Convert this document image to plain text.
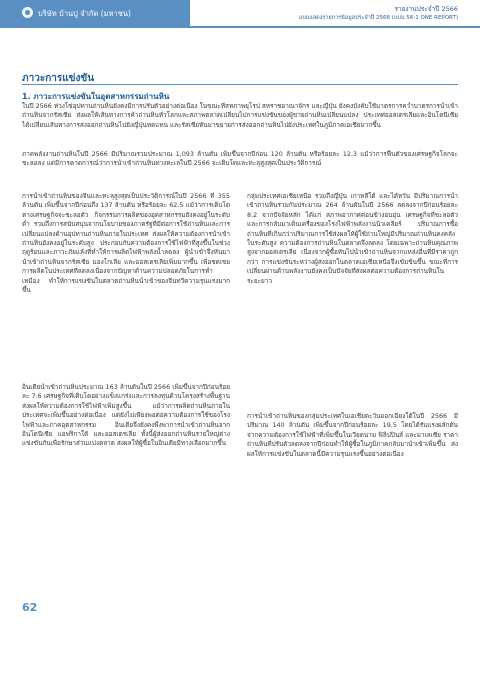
บริษัท บ้านปู จำกัด (มหาชน)	รายงานประจำปี 2566
แบบแสดงรายการข้อมูลประจำปี 2566 (แบบ 56-1 ONE REPORT)
ภาวะการแข่งขัน
1. ภาวะการแข่งขันในอุตสาหกรรมถ่านหิน

ในปี 2566 ห่วงโซ่อุปทานถ่านหินยังคงมีการปรับตัวอย่างต่อเนื่อง ในขณะที่สหภาพยุโรป สหราชอาณาจักร และญี่ปุ่น ยังคงบังคับใช้มาตรการคว่ำบาตรการนำเข้าถ่านหินจากรัสเซีย ส่งผลให้เส้นทางการค้าถ่านหินทั่วโลกและสภาพตลาดเปลี่ยนไปการแข่งขันของผู้ขายถ่านหินเปลี่ยนแปลง ประเทศออสเตรเลียและอินโดนีเซียได้เปลี่ยนเส้นทางการส่งออกถ่านหินไปยังญี่ปุ่นทดแทน และรัสเซียหันมาขยายการส่งออกถ่านหินไปยังประเทศในภูมิภาคเอเชียมากขึ้น

ภาคพลังงานถ่านหินในปี 2566 มีปริมาณรวมประมาณ 1,093 ล้านตัน เพิ่มขึ้นจากปีก่อน 120 ล้านตัน หรือร้อยละ 12.3 แม้ว่าการฟื้นตัวของเศรษฐกิจโลกจะชะลอลง แต่มีการคาดการณ์ว่าการนำเข้าถ่านหินทางทะเลในปี 2566 จะเติบโตและทะลุสูงสุดเป็นประวัติการณ์

การนำเข้าถ่านหินของจีนและทะลุสูงสุดเป็นประวัติการณ์ในปี 2566 ที่ 355 ล้านตัน เพิ่มขึ้นจากปีก่อนถึง 137 ล้านตัน หรือร้อยละ 62.5 แม้ว่าการเติบโตทางเศรษฐกิจจะชะลอตัว กิจกรรมการผลิตของอุตสาหกรรมยังคงอยู่ในระดับต่ำ รวมถึงการสนับสนุนจากนโยบายของภาครัฐที่มีต่อการใช้ถ่านหินและการเปลี่ยนแปลงด้านอุปทานถ่านหินภายในประเทศ ส่งผลให้ความต้องการนำเข้าถ่านหินยังคงอยู่ในระดับสูง ประกอบกับความต้องการใช้ไฟฟ้าที่สูงขึ้นในช่วงฤดูร้อนและภาวะภัยแล้งที่ทำให้การผลิตไฟฟ้าพลังน้ำลดลง ผู้นำเข้าจึงหันมานำเข้าถ่านหินจากรัสเซีย มองโกเลีย และออสเตรเลียเพิ่มมากขึ้น เพื่อชดเชยการผลิตในประเทศที่ลดลงเนื่องจากปัญหาด้านความปลอดภัยในการทำเหมือง ทำให้การแข่งขันในตลาดถ่านหินนำเข้าของจีนทวีความรุนแรงมากขึ้น

อินเดียนำเข้าถ่านหินประมาณ 163 ล้านตันในปี 2566 เพิ่มขึ้นจากปีก่อนร้อยละ 7.6 เศรษฐกิจที่เติบโตอย่างแข็งแกร่งและการลงทุนด้านโครงสร้างพื้นฐานส่งผลให้ความต้องการใช้ไฟฟ้าเพิ่มสูงขึ้น แม้ว่าการผลิตถ่านหินภายในประเทศจะเพิ่มขึ้นอย่างต่อเนื่อง แต่ยังไม่เพียงพอต่อความต้องการใช้ของโรงไฟฟ้าและภาคอุตสาหกรรม อินเดียจึงยังคงพึ่งพาการนำเข้าถ่านหินจากอินโดนีเซีย แอฟริกาใต้ และออสเตรเลีย ทั้งนี้ผู้ส่งออกถ่านหินรายใหญ่ต่างแข่งขันกันเพื่อรักษาส่วนแบ่งตลาด ส่งผลให้ผู้ซื้อในอินเดียมีทางเลือกมากขึ้น

กลุ่มประเทศเอเชียเหนือ รวมถึงญี่ปุ่น เกาหลีใต้ และไต้หวัน มีปริมาณการนำเข้าถ่านหินรวมกันประมาณ 264 ล้านตันในปี 2566 ลดลงจากปีก่อนร้อยละ 8.2 จากปัจจัยหลัก ได้แก่ สภาพอากาศค่อนข้างอบอุ่น เศรษฐกิจที่ชะลอตัว และการกลับมาเดินเครื่องของโรงไฟฟ้าพลังงานนิวเคลียร์ ปริมาณการซื้อถ่านหินที่เกินกว่าปริมาณการใช้ส่งผลให้ผู้ใช้ถ่านใหญ่มีปริมาณถ่านหินคงคลังในระดับสูง ความต้องการถ่านหินในตลาดจึงลดลง โดยเฉพาะถ่านหินคุณภาพสูงจากออสเตรเลีย เนื่องจากผู้ซื้อหันไปนำเข้าถ่านหินจากแหล่งอื่นที่มีราคาถูกกว่า การแข่งขันระหว่างผู้ส่งออกในตลาดเอเชียเหนือจึงเข้มข้นขึ้น ขณะที่การเปลี่ยนผ่านด้านพลังงานยังคงเป็นปัจจัยที่ส่งผลต่อความต้องการถ่านหินในระยะยาว

การนำเข้าถ่านหินของกลุ่มประเทศในเอเชียตะวันออกเฉียงใต้ในปี 2566 มีปริมาณ 140 ล้านตัน เพิ่มขึ้นจากปีก่อนร้อยละ 19.5 โดยได้รับแรงผลักดันจากความต้องการใช้ไฟฟ้าที่เพิ่มขึ้นในเวียดนาม ฟิลิปปินส์ และมาเลเซีย ราคาถ่านหินที่ปรับตัวลดลงจากปีก่อนทำให้ผู้ซื้อในภูมิภาคกลับมานำเข้าเพิ่มขึ้น ส่งผลให้การแข่งขันในตลาดนี้มีความรุนแรงขึ้นอย่างต่อเนื่อง

62
